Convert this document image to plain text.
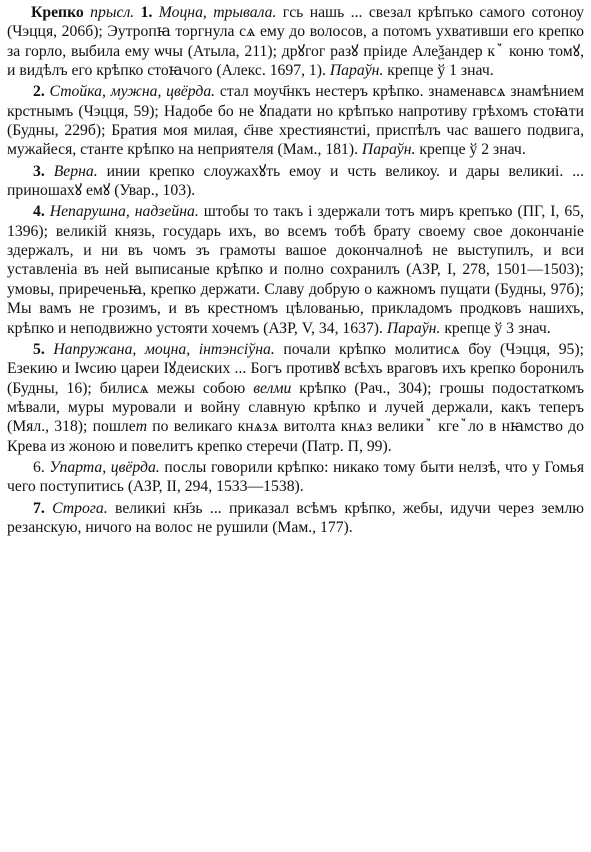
Крепко прысл. 1. Моцна, трывала. гсь нашь ... свезал крѣпъко самого сотоноу (Чэцця, 206б); Эутропꙗ торгнула сѧ ему до волосов, а потомъ ухвативши его крепко за горло, выбила ему ѡчы (Атыла, 211); дрꙋгог разꙋ пріиде Алеѯандер кꙿ коню томꙋ, и видѣлъ его крѣпко стоꙗчого (Алекс. 1697, 1). Параўн. крепце ў 1 знач.

2. Стойка, мужна, цвёрда. стал моуч҃нкъ нестеръ крѣпко. знаменавсѧ знамѣнием крстнымъ (Чэцця, 59); Надобе бо не ꙋпадати но крѣпъко напротиву грѣхомъ стоꙗти (Будны, 229б); Братия моя милая, с҃нве хрестиянстиі, приспѣлъ час вашего подвига, мужайеся, станте крѣпко на неприятеля (Мам., 181). Параўн. крепце ў 2 знач.

3. Верна. инии крепко слоужахꙋть емоу и чсть великоу. и дары великиі. ... приношахꙋ емꙋ (Увар., 103).

4. Непарушна, надзейна. штобы то такъ і здержали тотъ миръ крепъко (ПГ, I, 65, 1396); великій князь, государь ихъ, во всемъ тобѣ брату своему свое докончаніе здержалъ, и ни въ чомъ зъ грамоты вашое докончалноѣ не выступилъ, и вси уставленіа въ ней выписаные крѣпко и полно сохранилъ (АЗР, I, 278, 1501—1503); умовы, приреченьꙗ, крепко держати. Славу добрую о кажномъ пущати (Будны, 97б); Мы вамъ не грозимъ, и въ крестномъ цѣлованью, прикладомъ продковъ нашихъ, крѣпко и неподвижно устояти хочемъ (АЗР, V, 34, 1637). Параўн. крепце ў 3 знач.

5. Напружана, моцна, інтэнсіўна. почали крѣпко молитисѧ б҃оу (Чэцця, 95); Езекию и Іѡсию цареи Іꙋдеиских ... Богъ противꙋ всѣхъ враговъ ихъ крепко боронилъ (Будны, 16); билисѧ межы собою велми крѣпко (Рач., 304); грошы подостаткомъ мѣвали, муры муровали и войну славную крѣпко и лучей держали, какъ теперъ (Мял., 318); пошлет по великаго кнѧзѧ витолта кнѧз великиꙿ кгеꙿло в нꙗмство до Крева из жоною и повелитъ крепко стеречи (Патр. П, 99).

6. Упарта, цвёрда. послы говорили крѣпко: никако тому быти нелзѣ, что у Гомья чего поступитись (АЗР, II, 294, 1533—1538).

7. Строга. великиі кн҃зь ... приказал всѣмъ крѣпко, жебы, идучи через землю резанскую, ничого на волос не рушили (Мам., 177).
